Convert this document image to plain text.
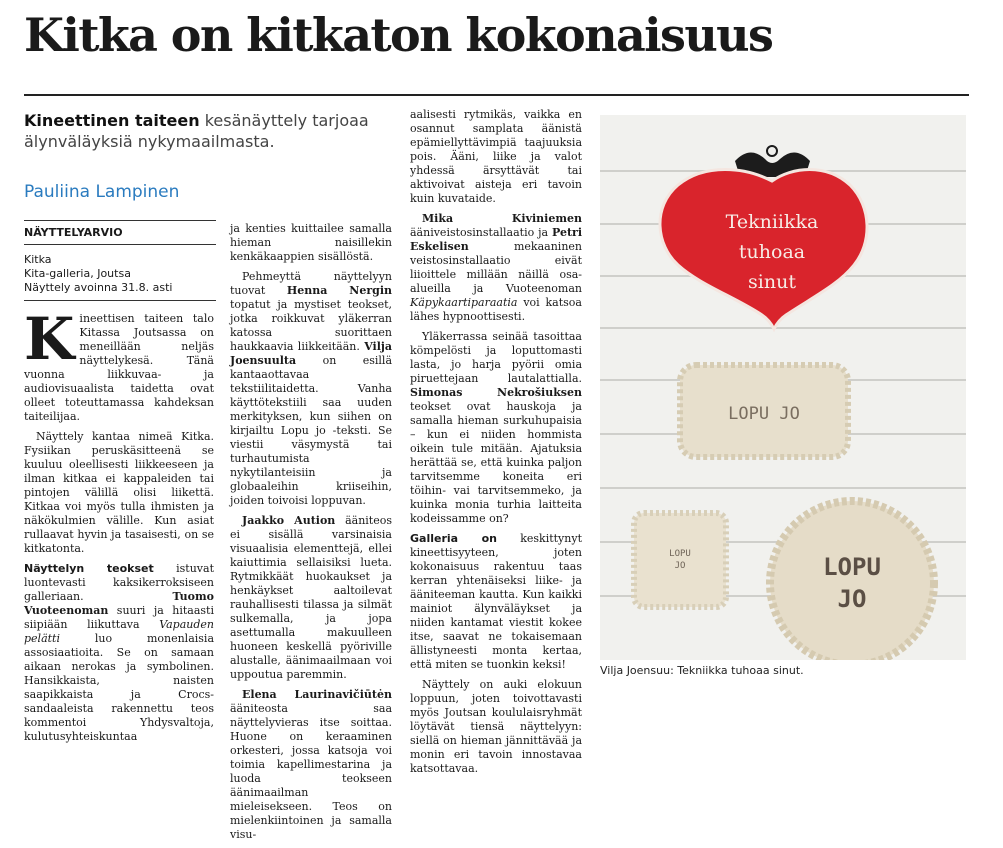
Kitka on kitkaton kokonaisuus
Kineettinen taiteen kesänäyttely tarjoaa älynväläyksiä nykymaailmasta.
Pauliina Lampinen
NÄYTTELYARVIO
Kitka
Kita-galleria, Joutsa
Näyttely avoinna 31.8. asti

Kineettisen taiteen talo Kitassa Joutsassa on meneillään neljäs näyttelykesä. Tänä vuonna liikkuvaa- ja audiovisuaalista taidetta ovat olleet toteuttamassa kahdeksan taiteilijaa.

Näyttely kantaa nimeä Kitka. Fysiikan peruskäsitteenä se kuuluu oleellisesti liikkeeseen ja ilman kitkaa ei kappaleiden tai pintojen välillä olisi liikettä. Kitkaa voi myös tulla ihmisten ja näkökulmien välille. Kun asiat rullaavat hyvin ja tasaisesti, on se kitkatonta.

Näyttelyn teokset istuvat luontevasti kaksikerroksiseen galleriaan. Tuomo Vuoteenoman suuri ja hitaasti siipiään liikuttava Vapauden pelätti luo monenlaisia assosiaatioita. Se on samaan aikaan nerokas ja symbolinen. Hansikkaista, naisten saapikkaista ja Crocs-sandaaleista rakennettu teos kommentoi Yhdysvaltoja, kulutusyhteiskuntaa

ja kenties kuittailee samalla hieman naisillekin kenkäkaappien sisällöstä.

Pehmeyttä näyttelyyn tuovat Henna Nergin topatut ja mystiset teokset, jotka roikkuvat yläkerran katossa suorittaen haukkaavia liikkeitään. Vilja Joensuulta on esillä kantaaottavaa tekstiilitaidetta. Vanha käyttötekstiili saa uuden merkityksen, kun siihen on kirjailtu Lopu jo -teksti. Se viestii väsymystä tai turhautumista nykytilanteisiin ja globaaleihin kriiseihin, joiden toivoisi loppuvan.

Jaakko Aution ääniteos ei sisällä varsinaisia visuaalisia elementtejä, ellei kaiuttimia sellaisiksi lueta. Rytmikkäät huokaukset ja henkäykset aaltoilevat rauhallisesti tilassa ja silmät sulkemalla, ja jopa asettumalla makuulleen huoneen keskellä pyöriville alustalle, äänimaailmaan voi uppoutua paremmin.

Elena Laurinavičiūtėn ääniteosta saa näyttelyvieras itse soittaa. Huone on keraaminen orkesteri, jossa katsoja voi toimia kapellimestarina ja luoda teokseen äänimaailman mieleisekseen. Teos on mielenkiintoinen ja samalla visu-

aalisesti rytmikäs, vaikka en osannut samplata äänistä epämiellyttävimpiä taajuuksia pois. Ääni, liike ja valot yhdessä ärsyttävät tai aktivoivat aisteja eri tavoin kuin kuvataide.

Mika Kiviniemen ääniveistosinstallaatio ja Petri Eskelisen mekaaninen veistosinstallaatio eivät liioittele millään näillä osa-alueilla ja Vuoteenoman Käpykaartiparaatia voi katsoa lähes hypnoottisesti.

Yläkerrassa seinää tasoittaa kömpelösti ja loputtomasti lasta, jo harja pyörii omia piruettejaan lautalattialla. Simonas Nekrošiuksen teokset ovat hauskoja ja samalla hieman surkuhupaisia – kun ei niiden hommista oikein tule mitään. Ajatuksia herättää se, että kuinka paljon tarvitsemme koneita eri töihin- vai tarvitsemmeko, ja kuinka monia turhia laitteita kodeissamme on?

Galleria on keskittynyt kineettisyyteen, joten kokonaisuus rakentuu taas kerran yhtenäiseksi liike- ja ääniteeman kautta. Kun kaikki mainiot älynväläykset ja niiden kantamat viestit kokee itse, saavat ne tokaisemaan ällistyneesti monta kertaa, että miten se tuonkin keksi!

Näyttely on auki elokuun loppuun, joten toivottavasti myös Joutsan koululaisryhmät löytävät tiensä näyttelyyn: siellä on hieman jännittävää ja monin eri tavoin innostavaa katsottavaa.

Tekniikka
tuhoaa
sinut
LOPU JO
LOPU
JO	LOPU
JO
Vilja Joensuu: Tekniikka tuhoaa sinut.
